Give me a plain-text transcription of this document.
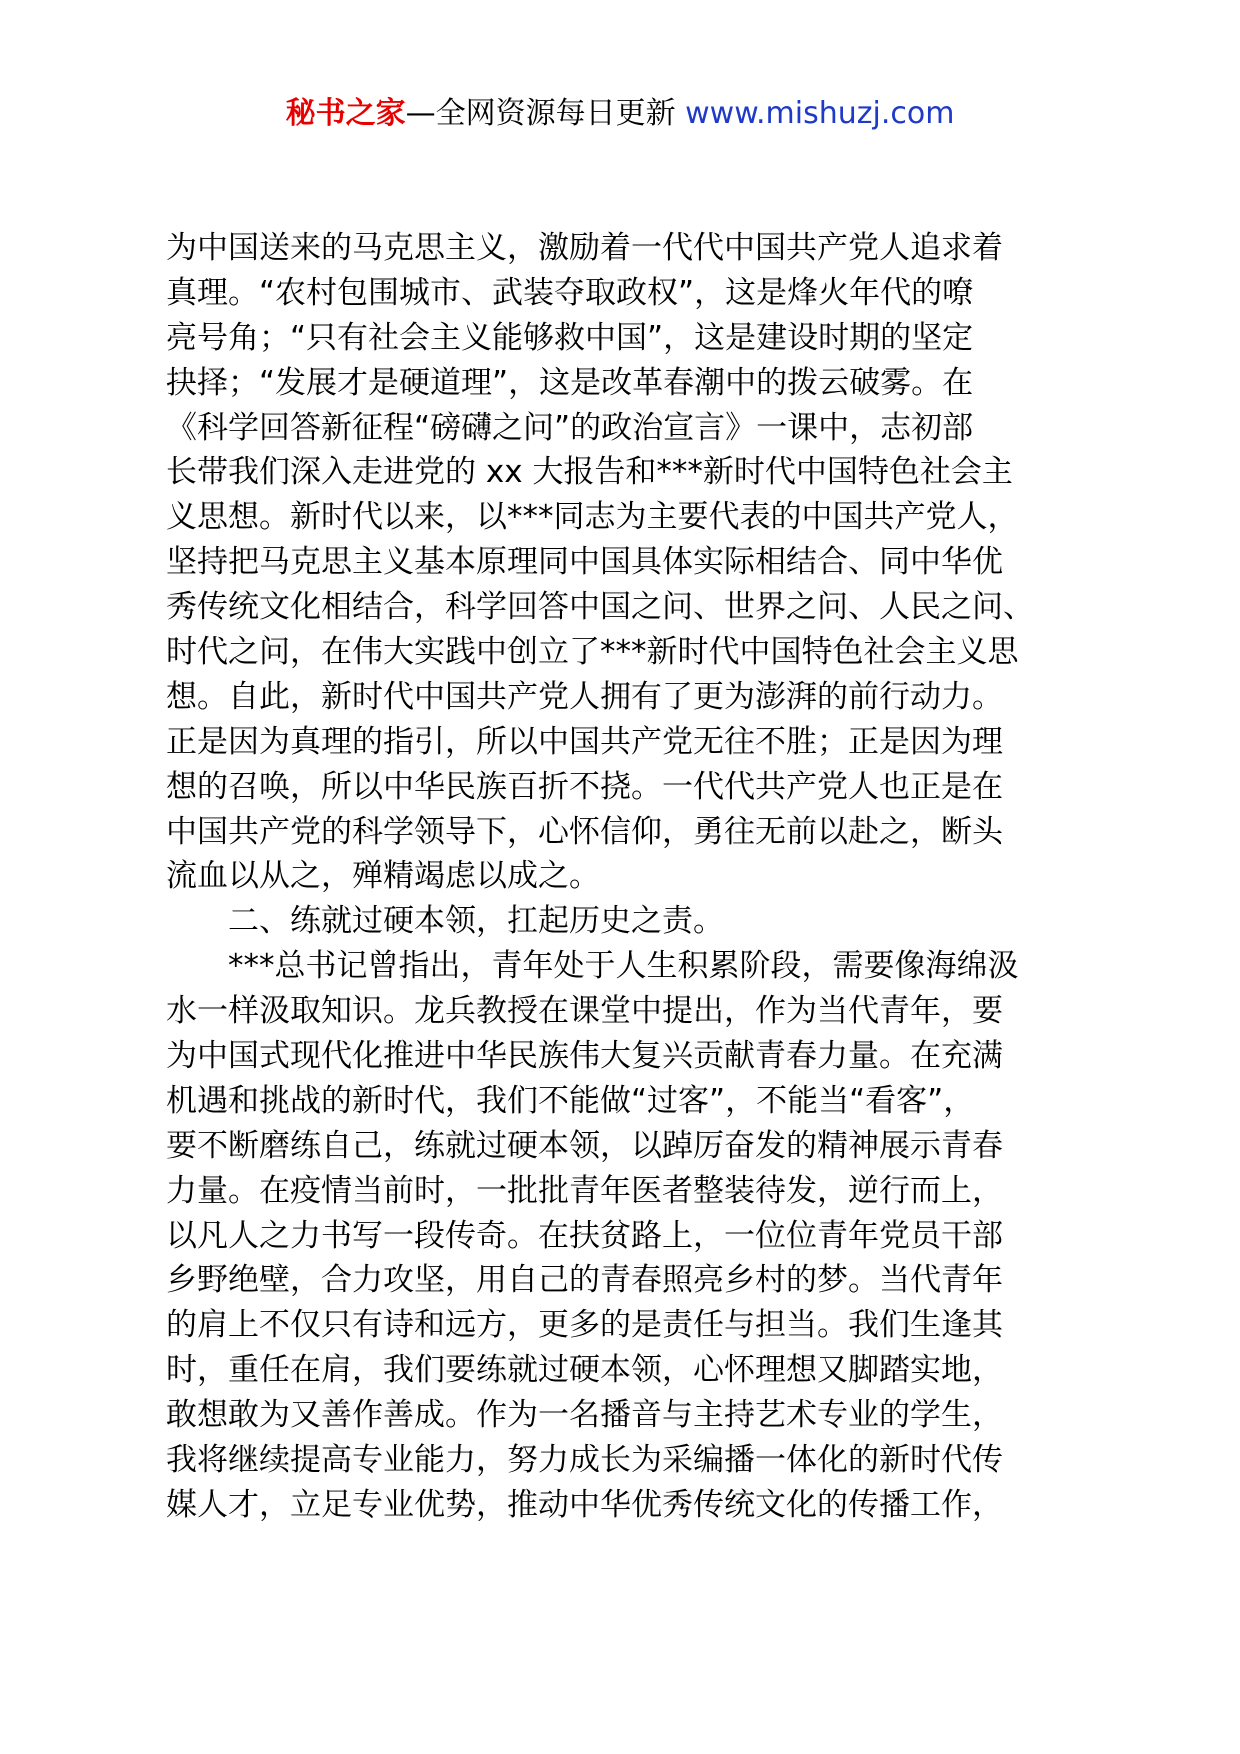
秘书之家—全网资源每日更新 www.mishuzj.com
为中国送来的马克思主义，激励着一代代中国共产党人追求着
真理。“农村包围城市、武装夺取政权”，这是烽火年代的嘹
亮号角；“只有社会主义能够救中国”，这是建设时期的坚定
抉择；“发展才是硬道理”，这是改革春潮中的拨云破雾。在
《科学回答新征程“磅礴之问”的政治宣言》一课中，志初部
长带我们深入走进党的 xx 大报告和***新时代中国特色社会主
义思想。新时代以来，以***同志为主要代表的中国共产党人，
坚持把马克思主义基本原理同中国具体实际相结合、同中华优
秀传统文化相结合，科学回答中国之问、世界之问、人民之问、
时代之问，在伟大实践中创立了***新时代中国特色社会主义思
想。自此，新时代中国共产党人拥有了更为澎湃的前行动力。
正是因为真理的指引，所以中国共产党无往不胜；正是因为理
想的召唤，所以中华民族百折不挠。一代代共产党人也正是在
中国共产党的科学领导下，心怀信仰，勇往无前以赴之，断头
流血以从之，殚精竭虑以成之。
二、练就过硬本领，扛起历史之责。
***总书记曾指出，青年处于人生积累阶段，需要像海绵汲
水一样汲取知识。龙兵教授在课堂中提出，作为当代青年，要
为中国式现代化推进中华民族伟大复兴贡献青春力量。在充满
机遇和挑战的新时代，我们不能做“过客”，不能当“看客”，
要不断磨练自己，练就过硬本领，以踔厉奋发的精神展示青春
力量。在疫情当前时，一批批青年医者整装待发，逆行而上，
以凡人之力书写一段传奇。在扶贫路上，一位位青年党员干部
乡野绝壁，合力攻坚，用自己的青春照亮乡村的梦。当代青年
的肩上不仅只有诗和远方，更多的是责任与担当。我们生逢其
时，重任在肩，我们要练就过硬本领，心怀理想又脚踏实地，
敢想敢为又善作善成。作为一名播音与主持艺术专业的学生，
我将继续提高专业能力，努力成长为采编播一体化的新时代传
媒人才，立足专业优势，推动中华优秀传统文化的传播工作，
